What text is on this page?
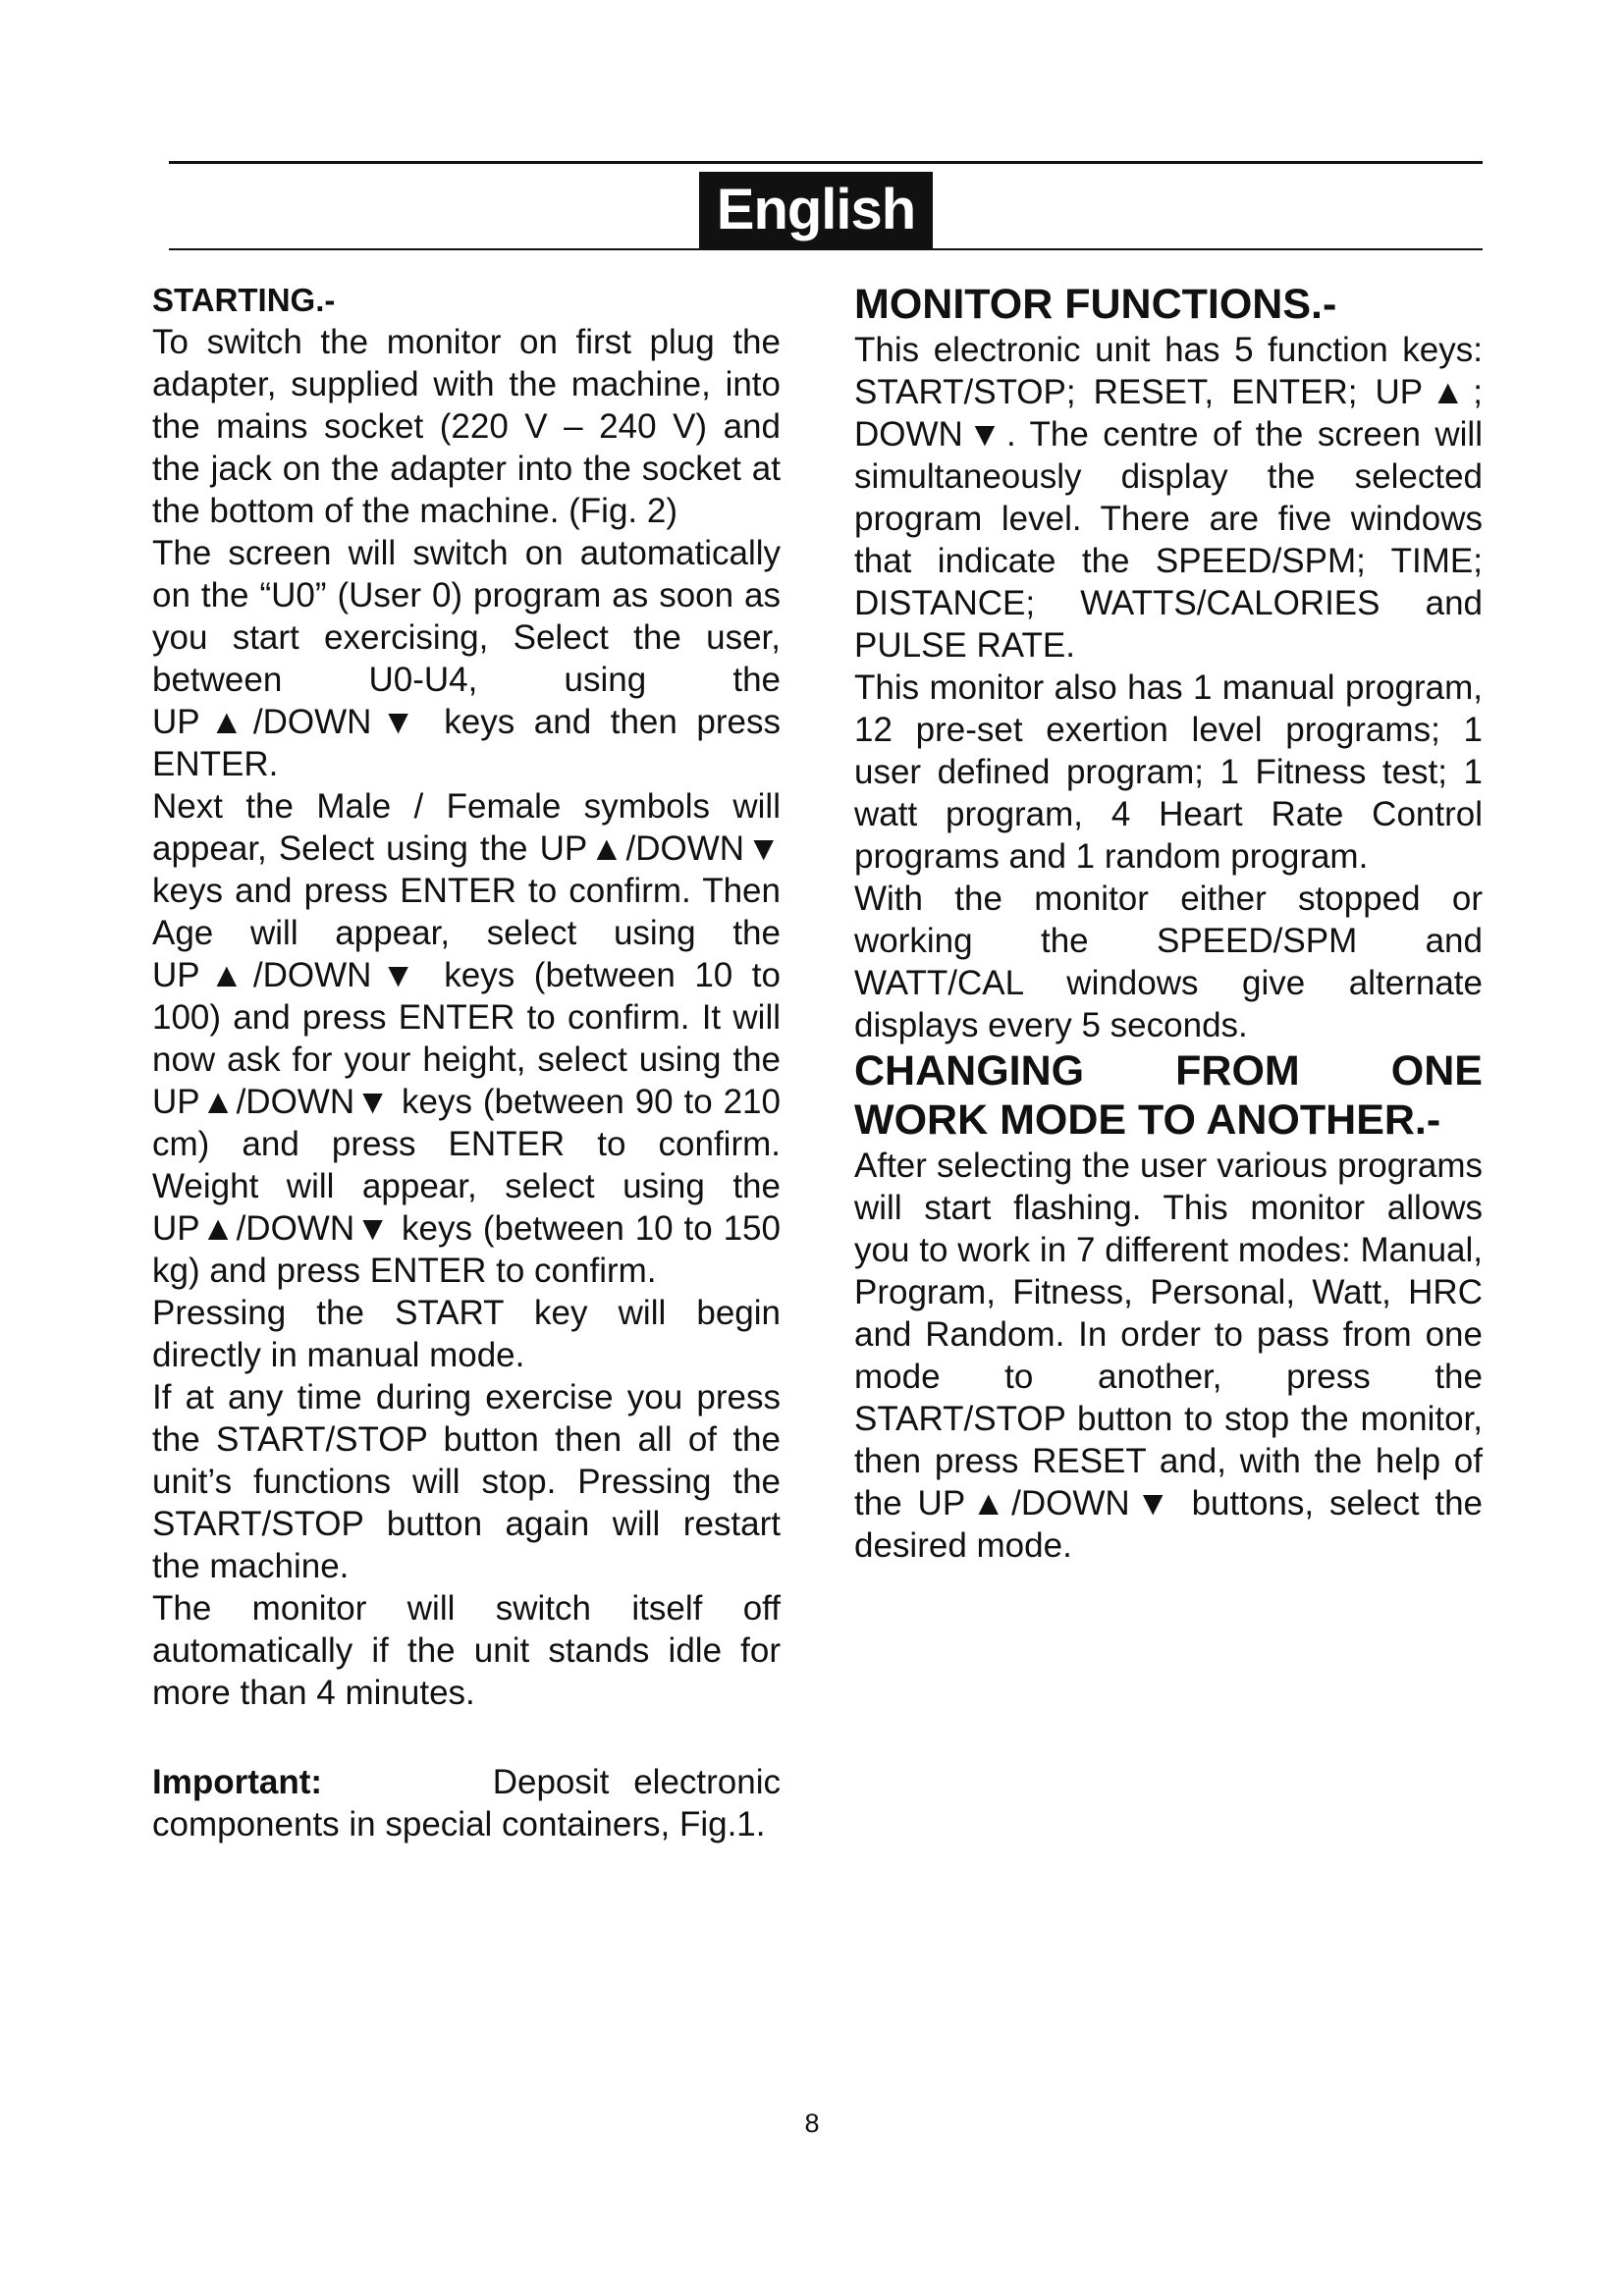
English
STARTING.-

To switch the monitor on first plug the adapter, supplied with the machine, into the mains socket (220 V – 240 V) and the jack on the adapter into the socket at the bottom of the machine. (Fig. 2)

The screen will switch on automatically on the “U0” (User 0) program as soon as you start exercising, Select the user, between U0-U4, using the UP▲/DOWN▼ keys and then press ENTER.

Next the Male / Female symbols will appear, Select using the UP▲/DOWN▼ keys and press ENTER to confirm. Then Age will appear, select using the UP▲/DOWN▼ keys (between 10 to 100) and press ENTER to confirm. It will now ask for your height, select using the UP▲/DOWN▼ keys (between 90 to 210 cm) and press ENTER to confirm. Weight will appear, select using the UP▲/DOWN▼ keys (between 10 to 150 kg) and press ENTER to confirm.

Pressing the START key will begin directly in manual mode.

If at any time during exercise you press the START/STOP button then all of the unit’s functions will stop. Pressing the START/STOP button again will restart the machine.

The monitor will switch itself off automatically if the unit stands idle for more than 4 minutes.

Important:	Deposit electronic components in special containers, Fig.1.

MONITOR FUNCTIONS.-

This electronic unit has 5 function keys: START/STOP; RESET, ENTER; UP▲; DOWN▼. The centre of the screen will simultaneously display the selected program level. There are five windows that indicate the SPEED/SPM; TIME; DISTANCE; WATTS/CALORIES and PULSE RATE.

This monitor also has 1 manual program, 12 pre-set exertion level programs; 1 user defined program; 1 Fitness test; 1 watt program, 4 Heart Rate Control programs and 1 random program.

With the monitor either stopped or working the SPEED/SPM and WATT/CAL windows give alternate displays every 5 seconds.

CHANGING FROM ONE
WORK MODE TO ANOTHER.-

After selecting the user various programs will start flashing. This monitor allows you to work in 7 different modes: Manual, Program, Fitness, Personal, Watt, HRC and Random. In order to pass from one mode to another, press the START/STOP button to stop the monitor, then press RESET and, with the help of the UP▲/DOWN▼ buttons, select the desired mode.

8
